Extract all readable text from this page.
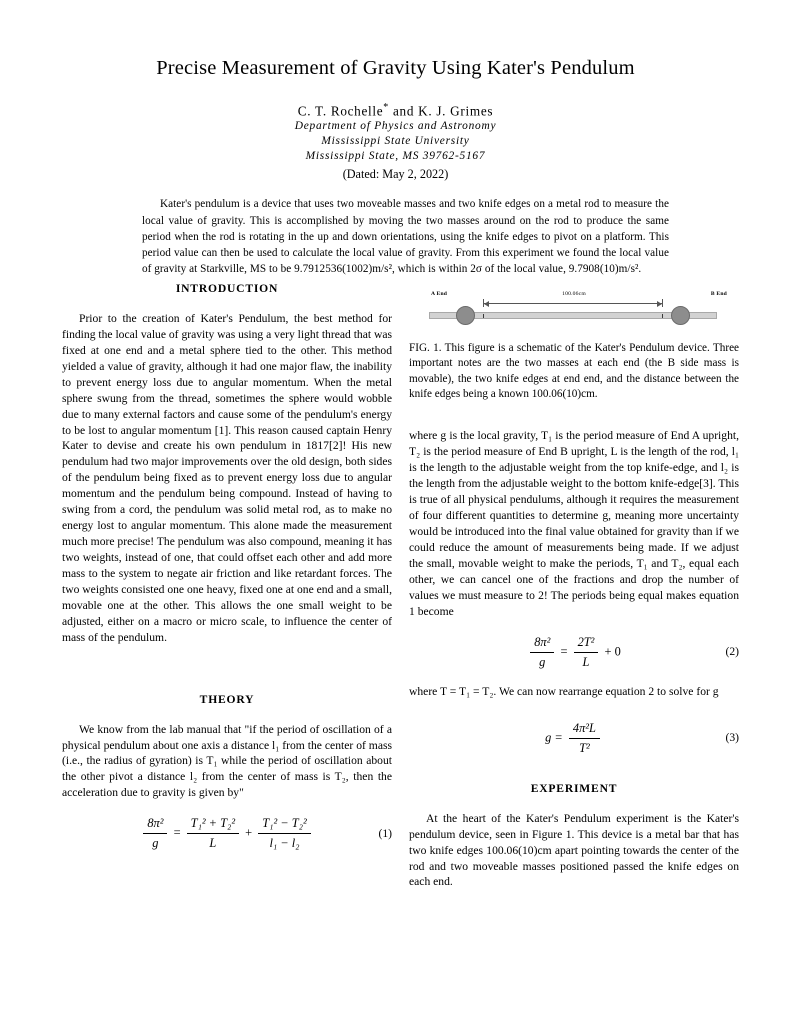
Precise Measurement of Gravity Using Kater's Pendulum
C. T. Rochelle* and K. J. Grimes
Department of Physics and Astronomy
Mississippi State University
Mississippi State, MS 39762-5167
(Dated: May 2, 2022)
Kater's pendulum is a device that uses two moveable masses and two knife edges on a metal rod to measure the local value of gravity. This is accomplished by moving the two masses around on the rod to produce the same period when the rod is rotating in the up and down orientations, using the knife edges to pivot on a platform. This period value can then be used to calculate the local value of gravity. From this experiment we found the local value of gravity at Starkville, MS to be 9.7912536(1002)m/s², which is within 2σ of the local value, 9.7908(10)m/s².
INTRODUCTION

Prior to the creation of Kater's Pendulum, the best method for finding the local value of gravity was using a very light thread that was fixed at one end and a metal sphere tied to the other. This method yielded a value of gravity, although it had one major flaw, the inability to prevent energy loss due to angular momentum. When the metal sphere swung from the thread, sometimes the sphere would wobble due to many external factors and cause some of the pendulum's energy to be lost to angular momentum [1]. This reason caused captain Henry Kater to devise and create his own pendulum in 1817[2]! His new pendulum had two major improvements over the old design, both sides of the pendulum being fixed as to prevent energy loss due to angular momentum and the pendulum being compound. Instead of having to swing from a cord, the pendulum was solid metal rod, as to make no energy lost to angular momentum. This alone made the measurement much more precise! The pendulum was also compound, meaning it has two weights, instead of one, that could offset each other and add more mass to the system to negate air friction and like retardant forces. The two weights consisted one one heavy, fixed one at one end and a small, movable one at the other. This allows the one small weight to be adjusted, either on a macro or micro scale, to influence the center of mass of the pendulum.

THEORY

We know from the lab manual that "if the period of oscillation of a physical pendulum about one axis a distance l₁ from the center of mass (i.e., the radius of gyration) is T₁ while the period of oscillation about the other pivot a distance l₂ from the center of mass is T₂, then the acceleration due to gravity is given by"

$\frac{\text{8π²}}{g} = \frac{\text{T₁² + T₂²}}{L} + \frac{\text{T₁² − T₂²}}{\text{l₁ − l₂}}$	(1)
A End	B End
100.06cm

FIG. 1. This figure is a schematic of the Kater's Pendulum device. Three important notes are the two masses at each end (the B side mass is movable), the two knife edges at end end, and the distance between the knife edges being a known 100.06(10)cm.

where g is the local gravity, T₁ is the period measure of End A upright, T₂ is the period measure of End B upright, L is the length of the rod, l₁ is the length to the adjustable weight from the top knife-edge, and l₂ is the length from the adjustable weight to the bottom knife-edge[3]. This is true of all physical pendulums, although it requires the measurement of four different quantities to determine g, meaning more uncertainty would be introduced into the final value obtained for gravity than if we could reduce the amount of measurements being made. If we adjust the small, movable weight to make the periods, T₁ and T₂, equal each other, we can cancel one of the fractions and drop the number of values we must measure to 2! The periods being equal makes equation 1 become

$\frac{\text{8π²}}{g} = \frac{\text{2T²}}{L} + 0$	(2)

where T = T₁ = T₂. We can now rearrange equation 2 to solve for g

$g = \frac{\text{4π²L}}{\text{T²}}$	(3)
EXPERIMENT

At the heart of the Kater's Pendulum experiment is the Kater's pendulum device, seen in Figure 1. This device is a metal bar that has two knife edges 100.06(10)cm apart pointing towards the center of the rod and two moveable masses positioned passed the knife edges on each end.
